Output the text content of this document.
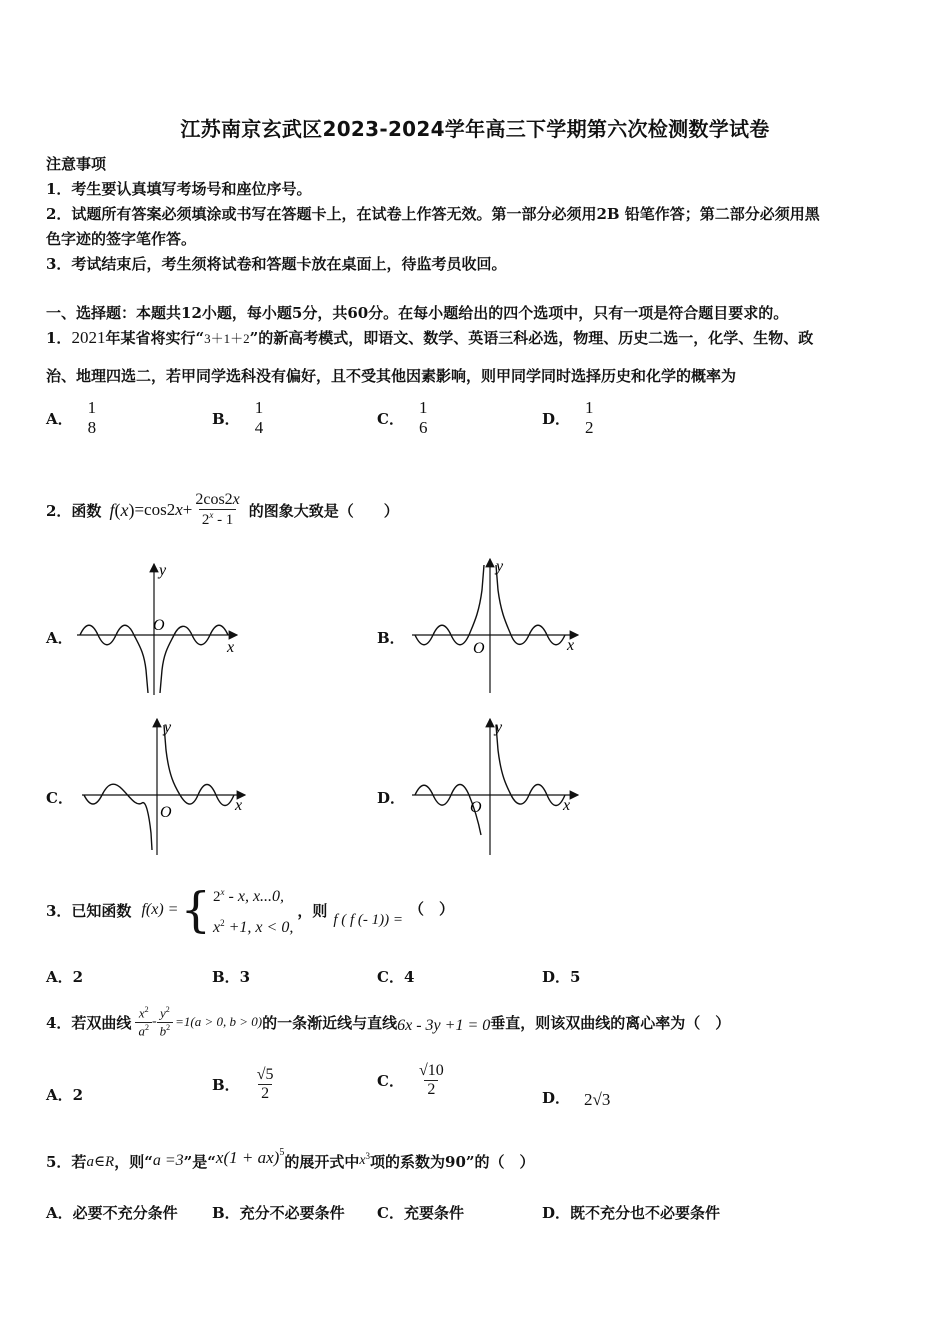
江苏南京玄武区2023-2024学年高三下学期第六次检测数学试卷
注意事项
1．考生要认真填写考场号和座位序号。
2．试题所有答案必须填涂或书写在答题卡上，在试卷上作答无效。第一部分必须用2B 铅笔作答；第二部分必须用黑
色字迹的签字笔作答。
3．考试结束后，考生须将试卷和答题卡放在桌面上，待监考员收回。
一、选择题：本题共12小题，每小题5分，共60分。在每小题给出的四个选项中，只有一项是符合题目要求的。
1．2021年某省将实行“3＋1＋2”的新高考模式，即语文、数学、英语三科必选，物理、历史二选一，化学、生物、政
治、地理四选二，若甲同学选科没有偏好，且不受其他因素影响，则甲同学同时选择历史和化学的概率为
A．
1
8	B．
1
4	C．
1
6	D．
1
2
2．函数 f ( x ) =cos2 $x + \frac{2\cos 2x}{2^x - 1}$ 的图象大致是（　　）
A．	B．
C．	D．
y
x
O
y
x
O
y
x
O
y
x
O
3．已知函数 f (x) = { 2$^x$ - x, x...0,
$x^2 +1$, x < 0,
，则 f ( f (- 1)) =
（　）
A．2	B．3	C．4	D．5
4．若双曲线 $\frac{x^2}{a^2} - \frac{y^2}{b^2} =1(a > 0$, b > 0) 的一条渐近线与直线 6x - 3y +1 = 0 垂直，则该双曲线的离心率为（　）
A．2
B． $\frac{√5}{2}$	C． $\frac{√10}{2}$	D． 2√3
5．若 a∈R ，则“ a =3 ”是“ x(1 + ax)$^5$
的展开式中 $x^3$ 项的系数为90”的（　）
A．必要不充分条件 B．充分不必要条件 C．充要条件	D．既不充分也不必要条件
